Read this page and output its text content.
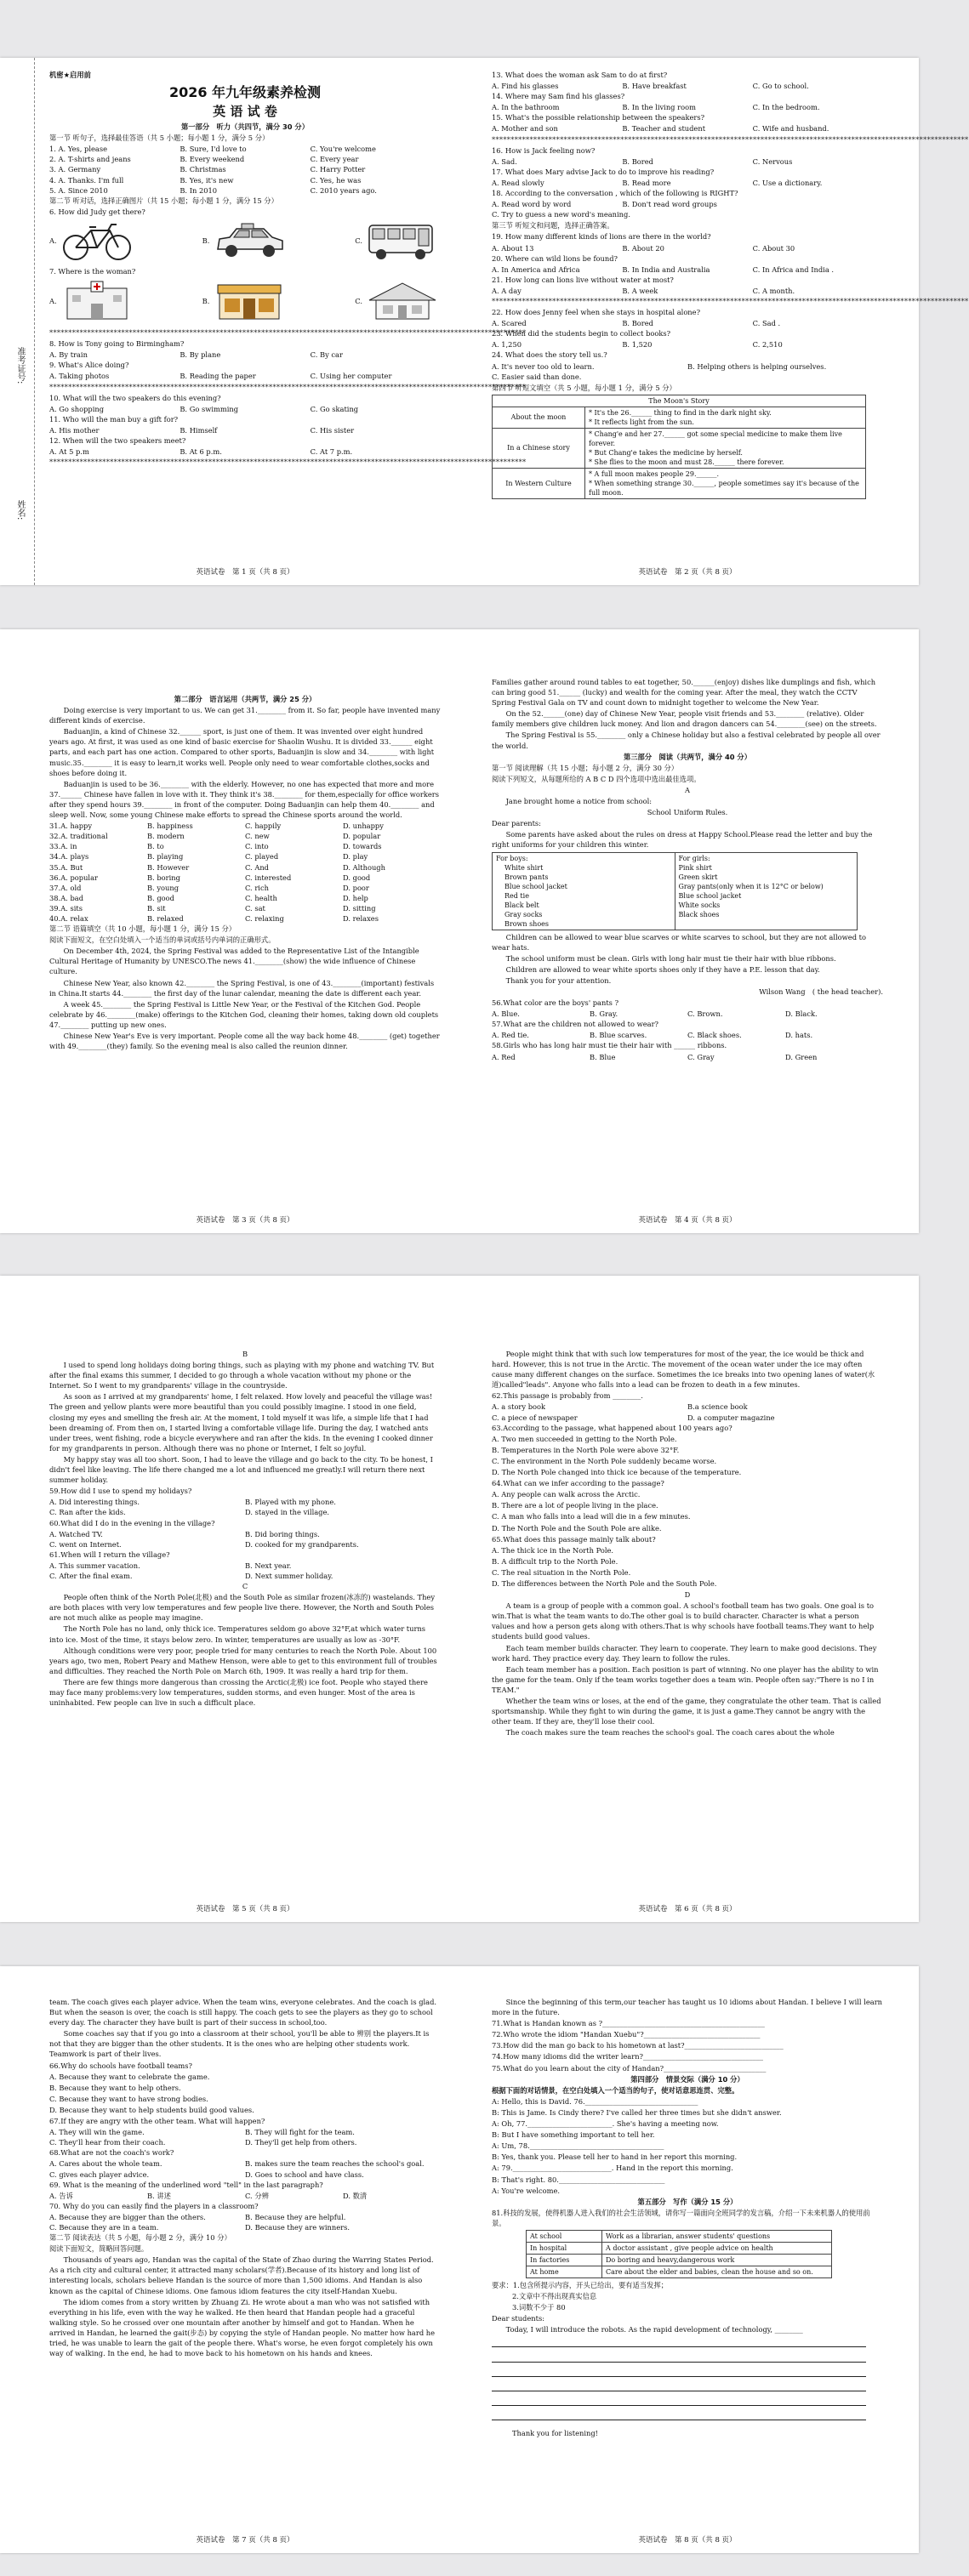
准考证号:
姓名:

机密★启用前

2026 年九年级素养检测

英 语 试 卷

第一部分　听力（共四节，满分 30 分）

第一节 听句子，选择最佳答语（共 5 小题；每小题 1 分，满分 5 分）

1. A. Yes, please	B. Sure, I'd love to	C. You're welcome
2. A. T-shirts and jeans	B. Every weekend	C. Every year
3. A. Germany	B. Christmas	C. Harry Potter
4. A. Thanks. I'm full	B. Yes, it's new	C. Yes, he was
5. A. Since 2010	B. In 2010	C. 2010 years ago.

第二节 听对话，选择正确图片（共 15 小题；每小题 1 分，满分 15 分）

6. How did Judy get there?

A.	B.	C.

7. Where is the woman?

A.	B.	C.

******************************************************************************************************************************

8. How is Tony going to Birmingham?

A. By train	B. By plane	C. By car

9. What's Alice doing?

A. Taking photos	B. Reading the paper	C. Using her computer

******************************************************************************************************************************

10. What will the two speakers do this evening?

A. Go shopping	B. Go swimming	C. Go skating

11. Who will the man buy a gift for?

A. His mother	B. Himself	C. His sister

12. When will the two speakers meet?

A. At 5 p.m	B. At 6 p.m.	C. At 7 p.m.

******************************************************************************************************************************

英语试卷　第 1 页（共 8 页）

13. What does the woman ask Sam to do at first?

A. Find his glasses	B. Have breakfast	C. Go to school.

14. Where may Sam find his glasses?

A. In the bathroom	B. In the living room	C. In the bedroom.

15. What's the possible relationship between the speakers?

A. Mother and son	B. Teacher and student	C. Wife and husband.

******************************************************************************************************************************

16. How is Jack feeling now?

A. Sad.	B. Bored	C. Nervous

17. What does Mary advise Jack to do to improve his reading?

A. Read slowly	B. Read more	C. Use a dictionary.

18. According to the conversation , which of the following is RIGHT?

A. Read word by word	B. Don't read word groups

C. Try to guess a new word's meaning.

第三节 听短文和问题，选择正确答案。

19. How many different kinds of lions are there in the world?

A. About 13	B. About 20	C. About 30

20. Where can wild lions be found?

A. In America and Africa	B. In India and Australia	C. In Africa and India .

21. How long can lions live without water at most?

A. A day	B. A week	C. A month.

******************************************************************************************************************************

22. How does Jenny feel when she stays in hospital alone?

A. Scared	B. Bored	C. Sad .

23. When did the students begin to collect books?

A. 1,250	B. 1,520	C. 2,510

24. What does the story tell us.?

A. It's never too old to learn.	B. Helping others is helping ourselves.

C. Easier said than done.

第四节 听短文填空（共 5 小题，每小题 1 分，满分 5 分）

The Moon's Story	
About the moon	* It's the 26.______ thing to find in the dark night sky.
* It reflects light from the sun.

In a Chinese story	* Chang'e and her 27.______ got some special medicine to make them live forever.
* But Chang'e takes the medicine by herself.
* She flies to the moon and must 28.______ there forever.

In Western Culture	* A full moon makes people 29.______.
* When something strange 30.______, people sometimes say it's because of the full moon.
英语试卷　第 2 页（共 8 页）

第二部分　语言运用（共两节，满分 25 分）

Doing exercise is very important to us. We can get 31.________ from it. So far, people have invented many different kinds of exercise.

Baduanjin, a kind of Chinese 32.______ sport, is just one of them. It was invented over eight hundred years ago. At first, it was used as one kind of basic exercise for Shaolin Wushu. It is divided 33.______ eight parts, and each part has one action. Compared to other sports, Baduanjin is slow and 34.________ with light music.35.________ it is easy to learn,it works well. People only need to wear comfortable clothes,socks and shoes before doing it.

Baduanjin is used to be 36.________ with the elderly. However, no one has expected that more and more 37.______ Chinese have fallen in love with it. They think it's 38.________ for them,especially for office workers after they spend hours 39.________ in front of the computer. Doing Baduanjin can help them 40.________ and sleep well. Now, some young Chinese make efforts to spread the Chinese sports around the world.

31.A. happy	B. happiness	C. happily	D. unhappy
32.A. traditional	B. modern	C. new	D. popular
33.A. in	B. to	C. into	D. towards
34.A. plays	B. playing	C. played	D. play
35.A. But	B. However	C. And	D. Although
36.A. popular	B. boring	C. interested	D. good
37.A. old	B. young	C. rich	D. poor
38.A. bad	B. good	C. health	D. help
39.A. sits	B. sit	C. sat	D. sitting
40.A. relax	B. relaxed	C. relaxing	D. relaxes

第二节 语篇填空（共 10 小题，每小题 1 分，满分 15 分）

阅读下面短文，在空白处填入一个适当的单词或括号内单词的正确形式。

On December 4th, 2024, the Spring Festival was added to the Representative List of the Intangible Cultural Heritage of Humanity by UNESCO.The news 41.________(show) the wide influence of Chinese culture.

Chinese New Year, also known 42.________ the Spring Festival, is one of 43.________(important) festivals in China.It starts 44.________ the first day of the lunar calendar, meaning the date is different each year.

A week 45.________ the Spring Festival is Little New Year, or the Festival of the Kitchen God. People celebrate by 46.________(make) offerings to the Kitchen God, cleaning their homes, taking down old couplets 47.________ putting up new ones.

Chinese New Year's Eve is very important. People come all the way back home 48.________ (get) together with 49.________(they) family. So the evening meal is also called the reunion dinner.

英语试卷　第 3 页（共 8 页）

Families gather around round tables to eat together, 50.______(enjoy) dishes like dumplings and fish, which can bring good 51.______ (lucky) and wealth for the coming year. After the meal, they watch the CCTV Spring Festival Gala on TV and count down to midnight together to welcome the New Year.

On the 52.______(one) day of Chinese New Year, people visit friends and 53.________ (relative). Older family members give children luck money. And lion and dragon dancers can 54.________(see) on the streets.

The Spring Festival is 55.________ only a Chinese holiday but also a festival celebrated by people all over the world.

第三部分　阅读（共两节，满分 40 分）

第一节 阅读理解（共 15 小题；每小题 2 分，满分 30 分）

阅读下列短文，从每题所给的 A B C D 四个选项中选出最佳选项。

A

Jane brought home a notice from school:

School Uniform Rules.

Dear parents:

Some parents have asked about the rules on dress at Happy School.Please read the letter and buy the right uniforms for your children this winter.

For boys:
White shirt
Brown pants
Blue school jacket
Red tie
Black belt
Gray socks
Brown shoes

For girls:
Pink shirt
Green skirt
Gray pants(only when it is 12°C or below)
Blue school jacket
White socks
Black shoes

Children can be allowed to wear blue scarves or white scarves to school, but they are not allowed to wear hats.

The school uniform must be clean. Girls with long hair must tie their hair with blue ribbons.

Children are allowed to wear white sports shoes only if they have a P.E. lesson that day.

Thank you for your attention.

Wilson Wang　( the head teacher).

56.What color are the boys' pants ?

A. Blue.	B. Gray.	C. Brown.	D. Black.

57.What are the children not allowed to wear?

A. Red tie.	B. Blue scarves.	C. Black shoes.	D. hats.

58.Girls who has long hair must tie their hair with ______ ribbons.

A. Red	B. Blue	C. Gray	D. Green
英语试卷　第 4 页（共 8 页）

B

I used to spend long holidays doing boring things, such as playing with my phone and watching TV. But after the final exams this summer, I decided to go through a whole vacation without my phone or the Internet. So I went to my grandparents' village in the countryside.

As soon as I arrived at my grandparents' home, I felt relaxed. How lovely and peaceful the village was! The green and yellow plants were more beautiful than you could possibly imagine. I stood in one field, closing my eyes and smelling the fresh air. At the moment, I told myself it was life, a simple life that I had been dreaming of. From then on, I started living a comfortable village life. During the day, I watched ants under trees, went fishing, rode a bicycle everywhere and ran after the kids. In the evening I cooked dinner for my grandparents in person. Although there was no phone or Internet, I felt so joyful.

My happy stay was all too short. Soon, I had to leave the village and go back to the city. To be honest, I didn't feel like leaving. The life there changed me a lot and influenced me greatly.I will return there next summer holiday.

59.How did I use to spend my holidays?

A. Did interesting things.	B. Played with my phone.
C. Ran after the kids.	D. stayed in the village.

60.What did I do in the evening in the village?

A. Watched TV.	B. Did boring things.
C. went on Internet.	D. cooked for my grandparents.

61.When will I return the village?

A. This summer vacation.	B. Next year.
C. After the final exam.	D. Next summer holiday.

C

People often think of the North Pole(北极) and the South Pole as similar frozen(冰冻的) wastelands. They are both places with very low temperatures and few people live there. However, the North and South Poles are not much alike as people may imagine.

The North Pole has no land, only thick ice. Temperatures seldom go above 32°F,at which water turns into ice. Most of the time, it stays below zero. In winter, temperatures are usually as low as -30°F.

Although conditions were very poor, people tried for many centuries to reach the North Pole. About 100 years ago, two men, Robert Peary and Mathew Henson, were able to get to this environment full of troubles and difficulties. They reached the North Pole on March 6th, 1909. It was really a hard trip for them.

There are few things more dangerous than crossing the Arctic(北极) ice foot. People who stayed there may face many problems:very low temperatures, sudden storms, and even hunger. Most of the area is uninhabited. Few people can live in such a difficult place.

英语试卷　第 5 页（共 8 页）

People might think that with such low temperatures for most of the year, the ice would be thick and hard. However, this is not true in the Arctic. The movement of the ocean water under the ice may often cause many different changes on the surface. Sometimes the ice breaks into two opening lanes of water(水道)called"leads". Anyone who falls into a lead can be frozen to death in a few minutes.

62.This passage is probably from ________.

A. a story book	B.a science book
C. a piece of newspaper	D. a computer magazine

63.According to the passage, what happened about 100 years ago?

A. Two men succeeded in getting to the North Pole.

B. Temperatures in the North Pole were above 32°F.

C. The environment in the North Pole suddenly became worse.

D. The North Pole changed into thick ice because of the temperature.

64.What can we infer according to the passage?

A. Any people can walk across the Arctic.

B. There are a lot of people living in the place.

C. A man who falls into a lead will die in a few minutes.

D. The North Pole and the South Pole are alike.

65.What does this passage mainly talk about?

A. The thick ice in the North Pole.

B. A difficult trip to the North Pole.

C. The real situation in the North Pole.

D. The differences between the North Pole and the South Pole.

D

A team is a group of people with a common goal. A school's football team has two goals. One goal is to win.That is what the team wants to do.The other goal is to build character. Character is what a person values and how a person gets along with others.That is why schools have football teams.They want to help students build good values.

Each team member builds character. They learn to cooperate. They learn to make good decisions. They work hard. They practice every day. They learn to follow the rules.

Each team member has a position. Each position is part of winning. No one player has the ability to win the game for the team. Only if the team works together does a team win. People often say:"There is no I in TEAM."

Whether the team wins or loses, at the end of the game, they congratulate the other team. That is called sportsmanship. While they fight to win during the game, it is just a game.They cannot be angry with the other team. If they are, they'll lose their cool.

The coach makes sure the team reaches the school's goal. The coach cares about the whole

英语试卷　第 6 页（共 8 页）

team. The coach gives each player advice. When the team wins, everyone celebrates. And the coach is glad. But when the season is over, the coach is still happy. The coach gets to see the players as they go to school every day. The character they have built is part of their success in school,too.

Some coaches say that if you go into a classroom at their school, you'll be able to 辨别 the players.It is not that they are bigger than the other students. It is the ones who are helping other students work. Teamwork is part of their lives.

66.Why do schools have football teams?

A. Because they want to celebrate the game.

B. Because they want to help others.

C. Because they want to have strong bodies.

D. Because they want to help students build good values.

67.If they are angry with the other team. What will happen?

A. They will win the game.	B. They will fight for the team.
C. They'll hear from their coach.	D. They'll get help from others.

68.What are not the coach's work?

A. Cares about the whole team.	B. makes sure the team reaches the school's goal.
C. gives each player advice.	D. Goes to school and have class.

69. What is the meaning of the underlined word "tell" in the last paragraph?

A. 告诉	B. 讲述	C. 分辨	D. 数清

70. Why do you can easily find the players in a classroom?

A. Because they are bigger than the others.	B. Because they are helpful.
C. Because they are in a team.	D. Because they are winners.

第二节 阅读表达（共 5 小题，每小题 2 分，满分 10 分）

阅读下面短文，简略回答问题。

Thousands of years ago, Handan was the capital of the State of Zhao during the Warring States Period. As a rich city and cultural center, it attracted many scholars(学者).Because of its history and long list of interesting locals, scholars believe Handan is the source of more than 1,500 idioms. And Handan is also known as the capital of Chinese idioms. One famous idiom features the city itself-Handan Xuebu.

The idiom comes from a story written by Zhuang Zi. He wrote about a man who was not satisfied with everything in his life, even with the way he walked. He then heard that Handan people had a graceful walking style. So he crossed over one mountain after another by himself and got to Handan. When he arrived in Handan, he learned the gait(步态) by copying the style of Handan people. No matter how hard he tried, he was unable to learn the gait of the people there. What's worse, he even forgot completely his own way of walking. In the end, he had to move back to his hometown on his hands and knees.

英语试卷　第 7 页（共 8 页）

Since the beginning of this term,our teacher has taught us 10 idioms about Handan. I believe I will learn more in the future.

71.What is Handan known as ?______________________________________________

72.Who wrote the idiom "Handan Xuebu"?_________________________________

73.How did the man go back to his hometown at last?____________________________

74.How many idioms did the writer learn?__________________________________

75.What do you learn about the city of Handan?_____________________________

第四部分　情景交际（满分 10 分）

根据下面的对话情景，在空白处填入一个适当的句子，使对话意思连贯、完整。

A: Hello, this is David. 76.________________________________

B: This is Jame. Is Cindy there? I've called her three times but she didn't answer.

A: Oh, 77.________________________. She's having a meeting now.

B: But I have something important to tell her.

A: Um, 78.______________________________________

B: Yes, thank you. Please tell her to hand in her report this morning.

A: 79.____________________________. Hand in the report this morning.

B: That's right. 80.______________________________

A: You're welcome.

第五部分　写作（满分 15 分）

81.科技的发展，使得机器人进入我们的社会生活领域，请你写一篇面向全班同学的发言稿，介绍一下未来机器人的使用前景。

At school	Work as a librarian, answer students' questions
In hospital	A doctor assistant , give people advice on health
In factories	Do boring and heavy,dangerous work
At home	Care about the elder and babies, clean the house and so on.

要求：1.包含所提示内容，开头已给出，要有适当发挥；

2.文章中不得出现真实信息

3.词数不少于 80

Dear students:

Today, I will introduce the robots. As the rapid development of technology, ________

Thank you for listening!

英语试卷　第 8 页（共 8 页）
